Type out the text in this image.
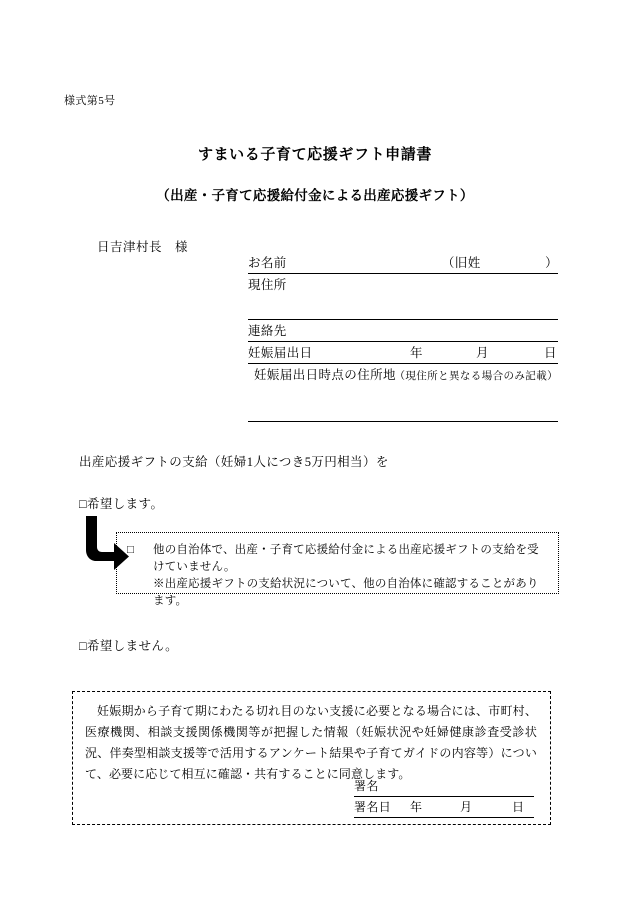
様式第5号
すまいる子育て応援ギフト申請書
（出産・子育て応援給付金による出産応援ギフト）
日吉津村長　様
お名前	（旧姓　　　　　）
現住所
連絡先
妊娠届出日	年	月	日
妊娠届出日時点の住所地
（現住所と異なる場合のみ記載）
出産応援ギフトの支給（妊婦1人につき5万円相当）を
□希望します。
□ 他の自治体で、出産・子育て応援給付金による出産応援ギフトの支給を受けていません。
※出産応援ギフトの支給状況について、他の自治体に確認することがあります。
□希望しません。
妊娠期から子育て期にわたる切れ目のない支援に必要となる場合には、市町村、医療機関、相談支援関係機関等が把握した情報（妊娠状況や妊婦健康診査受診状況、伴奏型相談支援等で活用するアンケート結果や子育てガイドの内容等）について、必要に応じて相互に確認・共有することに同意します。
署名
署名日 年	月	日
